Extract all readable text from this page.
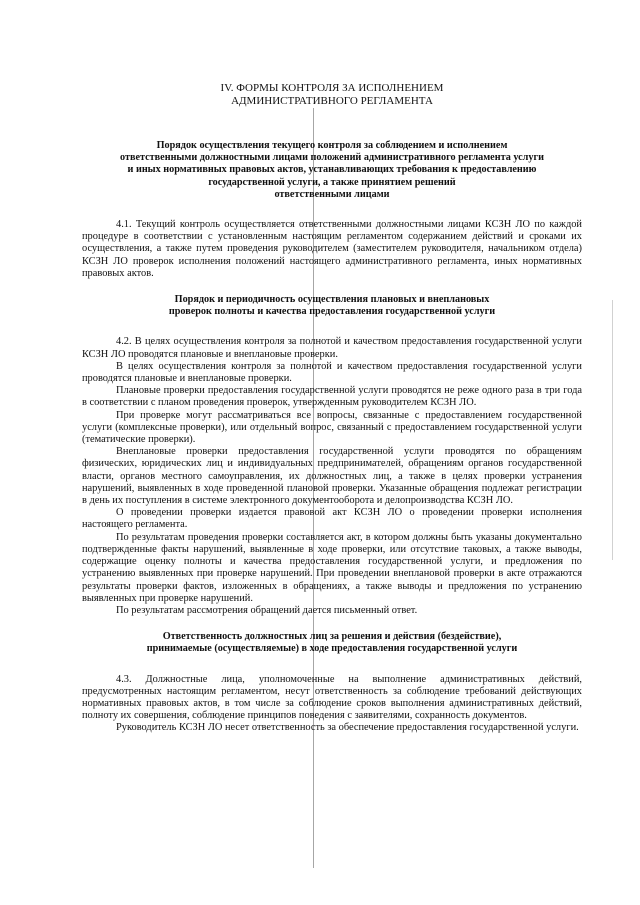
IV. ФОРМЫ КОНТРОЛЯ ЗА ИСПОЛНЕНИЕМ
АДМИНИСТРАТИВНОГО РЕГЛАМЕНТА
Порядок осуществления текущего контроля за соблюдением и исполнением
ответственными должностными лицами положений административного регламента услуги
и иных нормативных правовых актов, устанавливающих требования к предоставлению
государственной услуги, а также принятием решений
ответственными лицами

4.1. Текущий контроль осуществляется ответственными должностными лицами КСЗН ЛО по каждой процедуре в соответствии с установленным настоящим регламентом содержанием действий и сроками их осуществления, а также путем проведения руководителем (заместителем руководителя, начальником отдела) КСЗН ЛО проверок исполнения положений настоящего административного регламента, иных нормативных правовых актов.

Порядок и периодичность осуществления плановых и внеплановых
проверок полноты и качества предоставления государственной услуги

4.2. В целях осуществления контроля за полнотой и качеством предоставления государственной услуги КСЗН ЛО проводятся плановые и внеплановые проверки.

В целях осуществления контроля за полнотой и качеством предоставления государственной услуги проводятся плановые и внеплановые проверки.

Плановые проверки предоставления государственной услуги проводятся не реже одного раза в три года в соответствии с планом проведения проверок, утвержденным руководителем КСЗН ЛО.

При проверке могут рассматриваться все вопросы, связанные с предоставлением государственной услуги (комплексные проверки), или отдельный вопрос, связанный с предоставлением государственной услуги (тематические проверки).

Внеплановые проверки предоставления государственной услуги проводятся по обращениям физических, юридических лиц и индивидуальных предпринимателей, обращениям органов государственной власти, органов местного самоуправления, их должностных лиц, а также в целях проверки устранения нарушений, выявленных в ходе проведенной плановой проверки. Указанные обращения подлежат регистрации в день их поступления в системе электронного документооборота и делопроизводства КСЗН ЛО.

О проведении проверки издается правовой акт КСЗН ЛО о проведении проверки исполнения настоящего регламента.

По результатам проведения проверки составляется акт, в котором должны быть указаны документально подтвержденные факты нарушений, выявленные в ходе проверки, или отсутствие таковых, а также выводы, содержащие оценку полноты и качества предоставления государственной услуги, и предложения по устранению выявленных при проверке нарушений. При проведении внеплановой проверки в акте отражаются результаты проверки фактов, изложенных в обращениях, а также выводы и предложения по устранению выявленных при проверке нарушений.

По результатам рассмотрения обращений дается письменный ответ.

Ответственность должностных лиц за решения и действия (бездействие),
принимаемые (осуществляемые) в ходе предоставления государственной услуги

4.3. Должностные лица, уполномоченные на выполнение административных действий, предусмотренных настоящим регламентом, несут ответственность за соблюдение требований действующих нормативных правовых актов, в том числе за соблюдение сроков выполнения административных действий, полноту их совершения, соблюдение принципов поведения с заявителями, сохранность документов.

Руководитель КСЗН ЛО несет ответственность за обеспечение предоставления государственной услуги.
